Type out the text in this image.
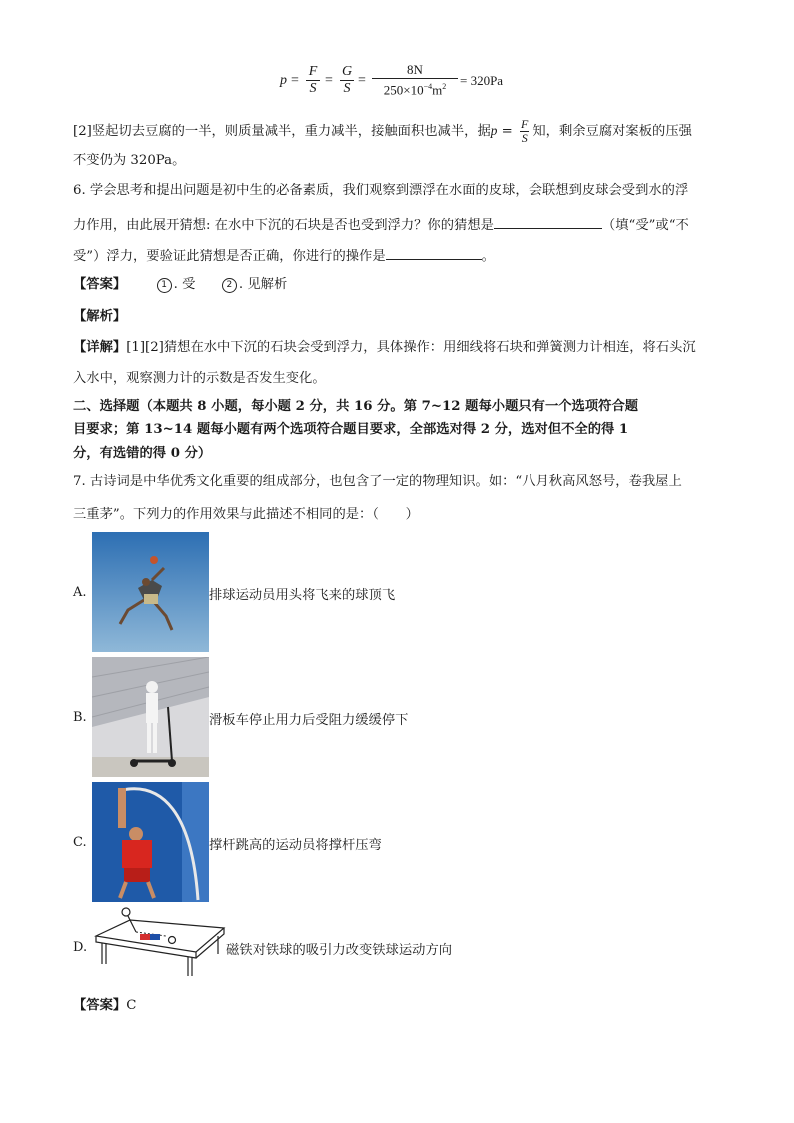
$p = \frac{F}{S} = \frac{G}{S} = \frac{8N}{250\times 10^{-4}m^2} = 320Pa$
[2]竖起切去豆腐的一半，则质量减半，重力减半，接触面积也减半，据$p = \frac{F}{S}$ 知，剩余豆腐对案板的压强
不变仍为 320Pa。
6. 学会思考和提出问题是初中生的必备素质，我们观察到漂浮在水面的皮球，会联想到皮球会受到水的浮
力作用，由此展开猜想: 在水中下沉的石块是否也受到浮力？你的猜想是	（填“受”或“不
受”）浮力，要验证此猜想是否正确，你进行的操作是	。
【答案】	1 . 受	2 . 见解析
【解析】
【详解】[1][2]猜想在水中下沉的石块会受到浮力，具体操作：用细线将石块和弹簧测力计相连，将石头沉
入水中，观察测力计的示数是否发生变化。
二、选择题（本题共 8 小题，每小题 2 分，共 16 分。第 7~12 题每小题只有一个选项符合题
目要求；第 13~14 题每小题有两个选项符合题目要求，全部选对得 2 分，选对但不全的得 1
分，有选错的得 0 分）
7. 古诗词是中华优秀文化重要的组成部分，也包含了一定的物理知识。如：“八月秋高风怒号，卷我屋上
三重茅”。下列力的作用效果与此描述不相同的是：（　　）
A.	排球运动员用头将飞来的球顶飞
B.	滑板车停止用力后受阻力缓缓停下
C.	撑杆跳高的运动员将撑杆压弯
D.	磁铁对铁球的吸引力改变铁球运动方向
【答案】C
